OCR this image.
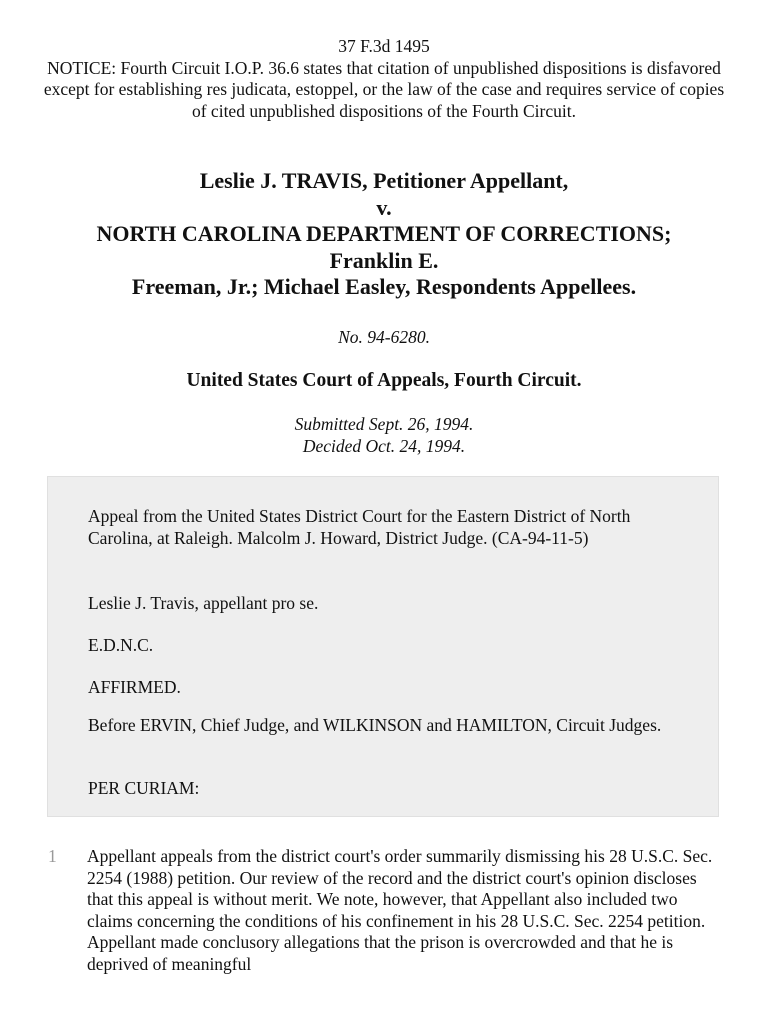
37 F.3d 1495
NOTICE: Fourth Circuit I.O.P. 36.6 states that citation of unpublished dispositions is disfavored except for establishing res judicata, estoppel, or the law of the case and requires service of copies of cited unpublished dispositions of the Fourth Circuit.
Leslie J. TRAVIS, Petitioner Appellant,
v.
NORTH CAROLINA DEPARTMENT OF CORRECTIONS;
Franklin E.
Freeman, Jr.; Michael Easley, Respondents Appellees.
No. 94-6280.
United States Court of Appeals, Fourth Circuit.
Submitted Sept. 26, 1994.
Decided Oct. 24, 1994.
Appeal from the United States District Court for the Eastern District of North Carolina, at Raleigh. Malcolm J. Howard, District Judge. (CA-94-11-5)
Leslie J. Travis, appellant pro se.
E.D.N.C.
AFFIRMED.
Before ERVIN, Chief Judge, and WILKINSON and HAMILTON, Circuit Judges.
PER CURIAM:
1 Appellant appeals from the district court's order summarily dismissing his 28 U.S.C. Sec. 2254 (1988) petition. Our review of the record and the district court's opinion discloses that this appeal is without merit. We note, however, that Appellant also included two claims concerning the conditions of his confinement in his 28 U.S.C. Sec. 2254 petition. Appellant made conclusory allegations that the prison is overcrowded and that he is deprived of meaningful
